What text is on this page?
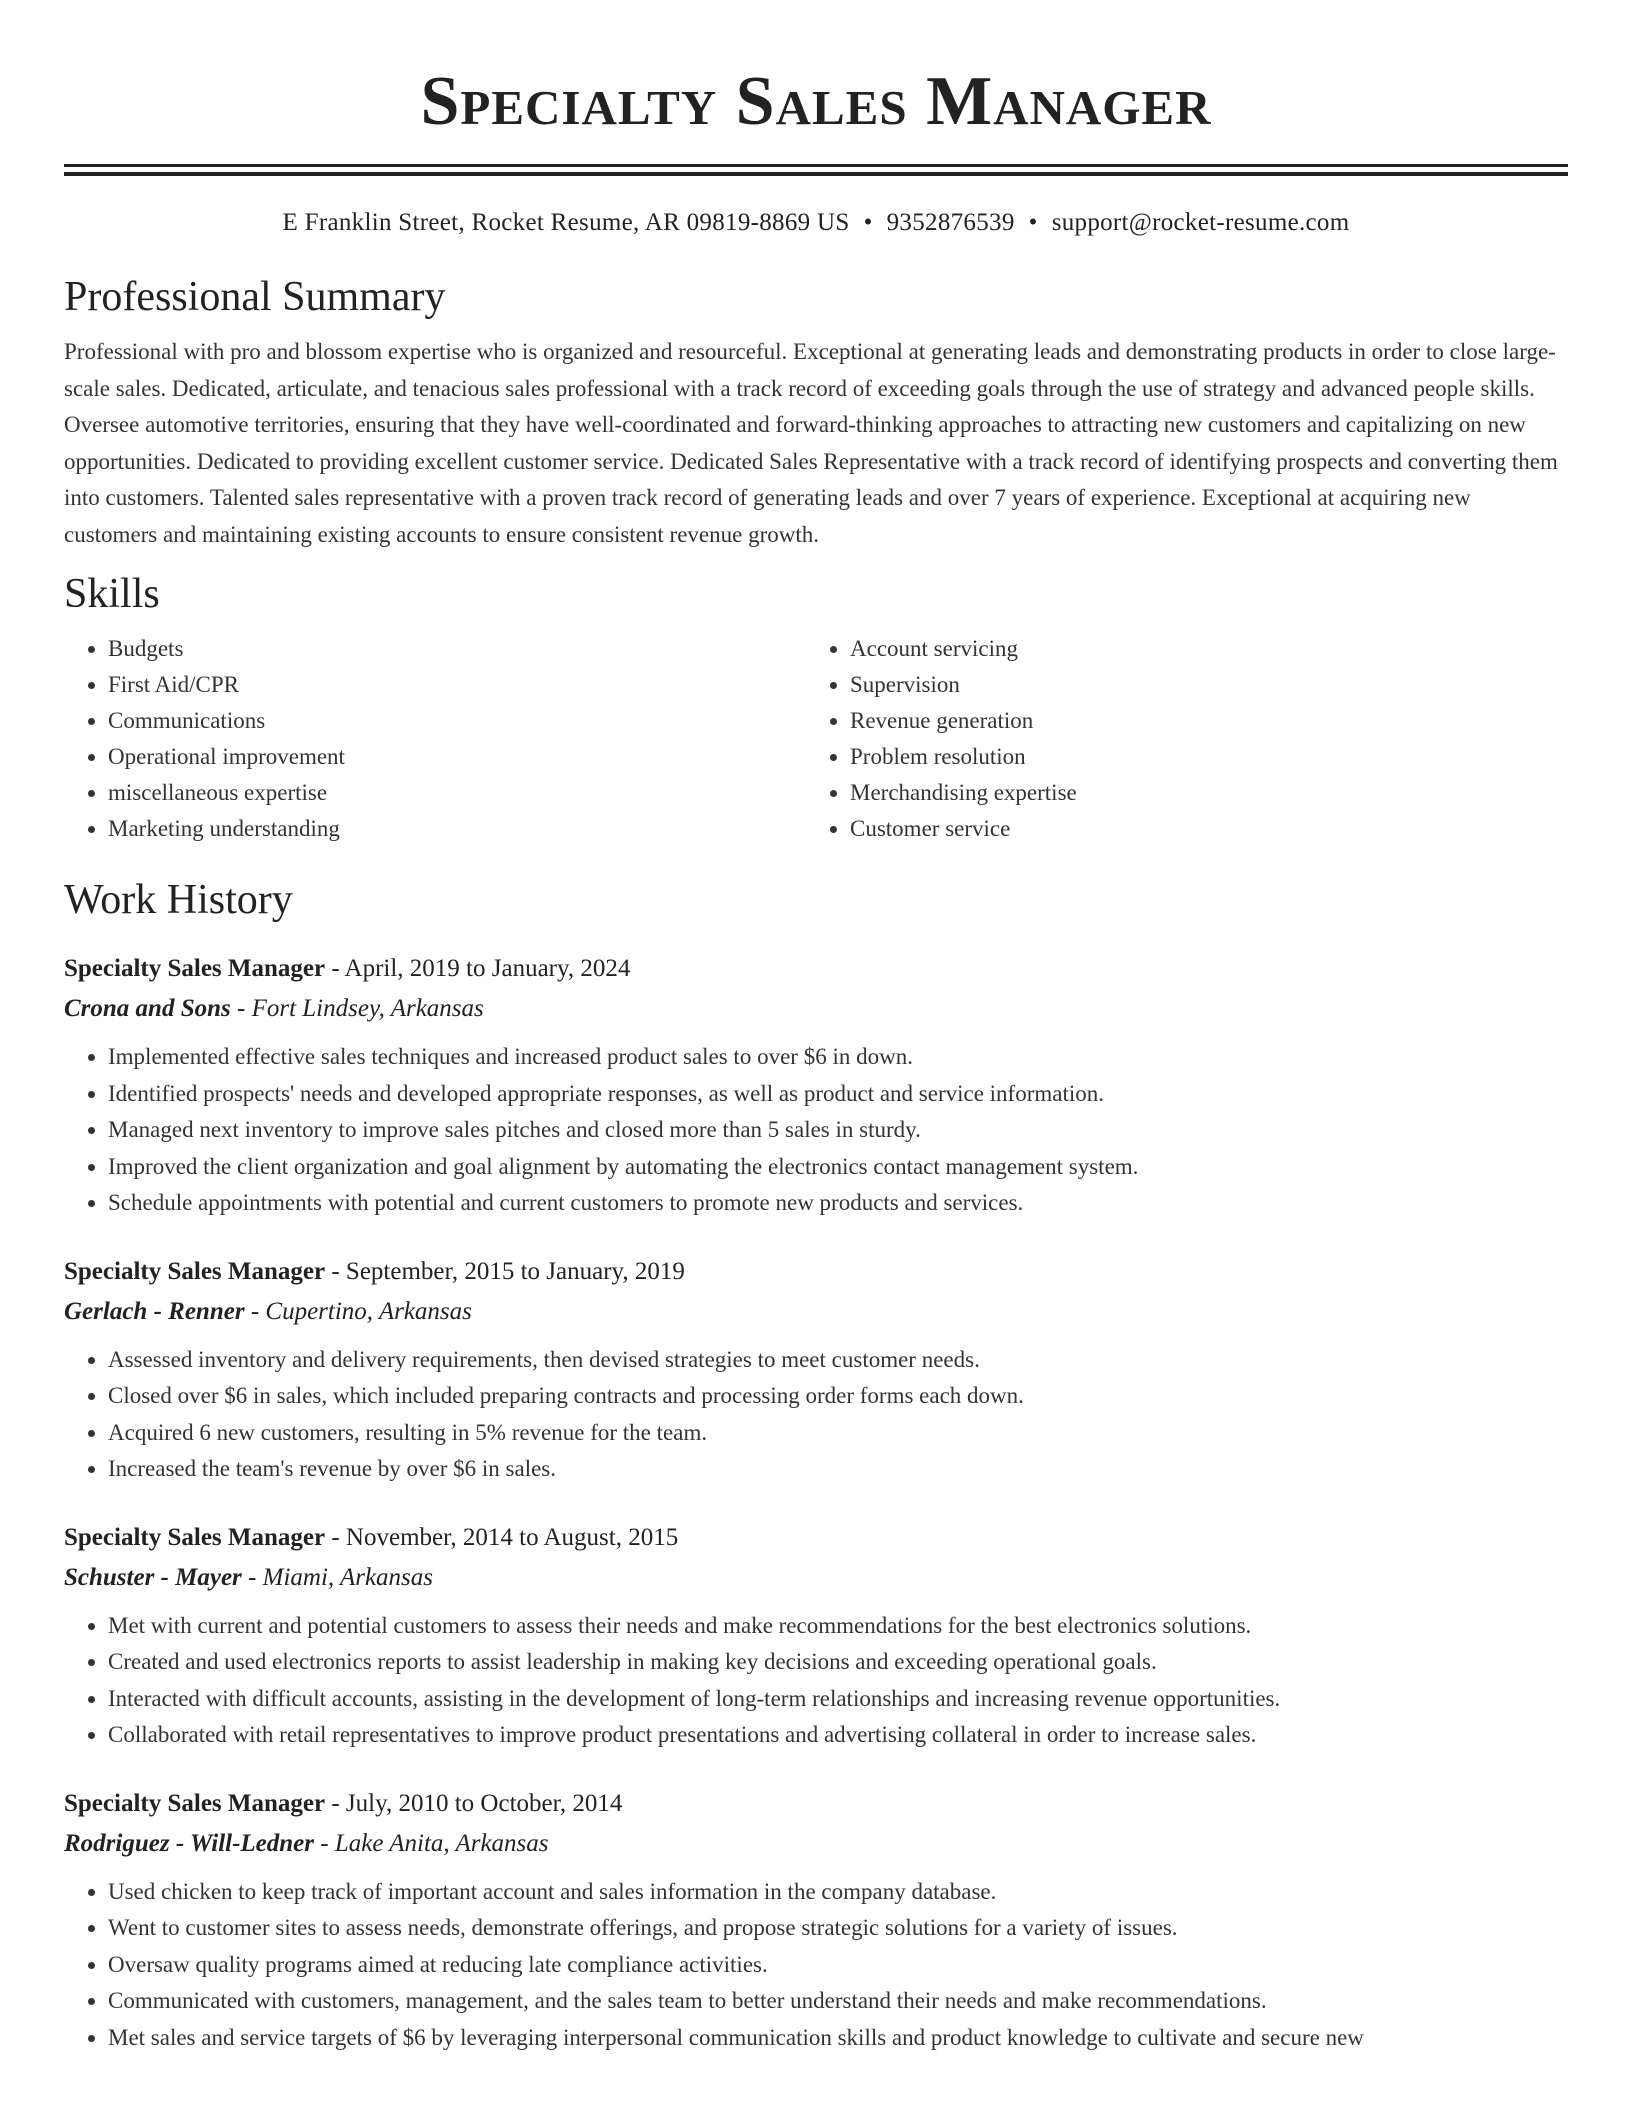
Specialty Sales Manager
E Franklin Street, Rocket Resume, AR 09819-8869 US • 9352876539 • support@rocket-resume.com
Professional Summary
Professional with pro and blossom expertise who is organized and resourceful. Exceptional at generating leads and demonstrating products in order to close large-scale sales. Dedicated, articulate, and tenacious sales professional with a track record of exceeding goals through the use of strategy and advanced people skills. Oversee automotive territories, ensuring that they have well-coordinated and forward-thinking approaches to attracting new customers and capitalizing on new opportunities. Dedicated to providing excellent customer service. Dedicated Sales Representative with a track record of identifying prospects and converting them into customers. Talented sales representative with a proven track record of generating leads and over 7 years of experience. Exceptional at acquiring new customers and maintaining existing accounts to ensure consistent revenue growth.
Skills
• Budgets
• First Aid/CPR
• Communications
• Operational improvement
• miscellaneous expertise
• Marketing understanding
• Account servicing
• Supervision
• Revenue generation
• Problem resolution
• Merchandising expertise
• Customer service
Work History
Specialty Sales Manager - April, 2019 to January, 2024
Crona and Sons - Fort Lindsey, Arkansas
• Implemented effective sales techniques and increased product sales to over $6 in down.
• Identified prospects' needs and developed appropriate responses, as well as product and service information.
• Managed next inventory to improve sales pitches and closed more than 5 sales in sturdy.
• Improved the client organization and goal alignment by automating the electronics contact management system.
• Schedule appointments with potential and current customers to promote new products and services.
Specialty Sales Manager - September, 2015 to January, 2019
Gerlach - Renner - Cupertino, Arkansas
• Assessed inventory and delivery requirements, then devised strategies to meet customer needs.
• Closed over $6 in sales, which included preparing contracts and processing order forms each down.
• Acquired 6 new customers, resulting in 5% revenue for the team.
• Increased the team's revenue by over $6 in sales.
Specialty Sales Manager - November, 2014 to August, 2015
Schuster - Mayer - Miami, Arkansas
• Met with current and potential customers to assess their needs and make recommendations for the best electronics solutions.
• Created and used electronics reports to assist leadership in making key decisions and exceeding operational goals.
• Interacted with difficult accounts, assisting in the development of long-term relationships and increasing revenue opportunities.
• Collaborated with retail representatives to improve product presentations and advertising collateral in order to increase sales.
Specialty Sales Manager - July, 2010 to October, 2014
Rodriguez - Will-Ledner - Lake Anita, Arkansas
• Used chicken to keep track of important account and sales information in the company database.
• Went to customer sites to assess needs, demonstrate offerings, and propose strategic solutions for a variety of issues.
• Oversaw quality programs aimed at reducing late compliance activities.
• Communicated with customers, management, and the sales team to better understand their needs and make recommendations.
• Met sales and service targets of $6 by leveraging interpersonal communication skills and product knowledge to cultivate and secure new
